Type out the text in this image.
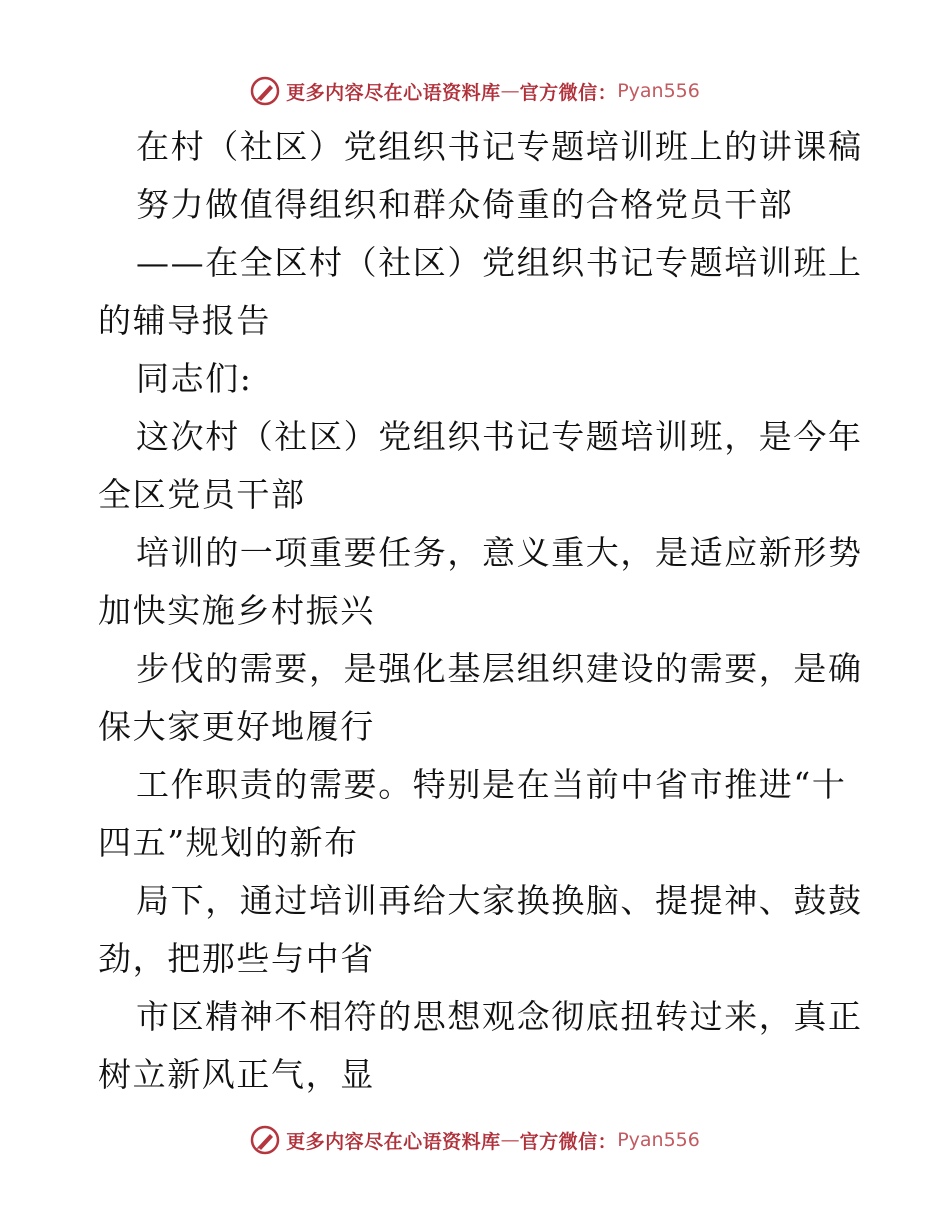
更多内容尽在心语资料库 — 官方微信： Pyan556
在村（社区）党组织书记专题培训班上的讲课稿
努力做值得组织和群众倚重的合格党员干部
——在全区村（社区）党组织书记专题培训班上
的辅导报告
同志们:
这次村（社区）党组织书记专题培训班，是今年
全区党员干部
培训的一项重要任务，意义重大，是适应新形势
加快实施乡村振兴
步伐的需要，是强化基层组织建设的需要，是确
保大家更好地履行
工作职责的需要。特别是在当前中省市推进“十
四五”规划的新布
局下，通过培训再给大家换换脑、提提神、鼓鼓
劲，把那些与中省
市区精神不相符的思想观念彻底扭转过来，真正
树立新风正气，显
更多内容尽在心语资料库 — 官方微信： Pyan556
